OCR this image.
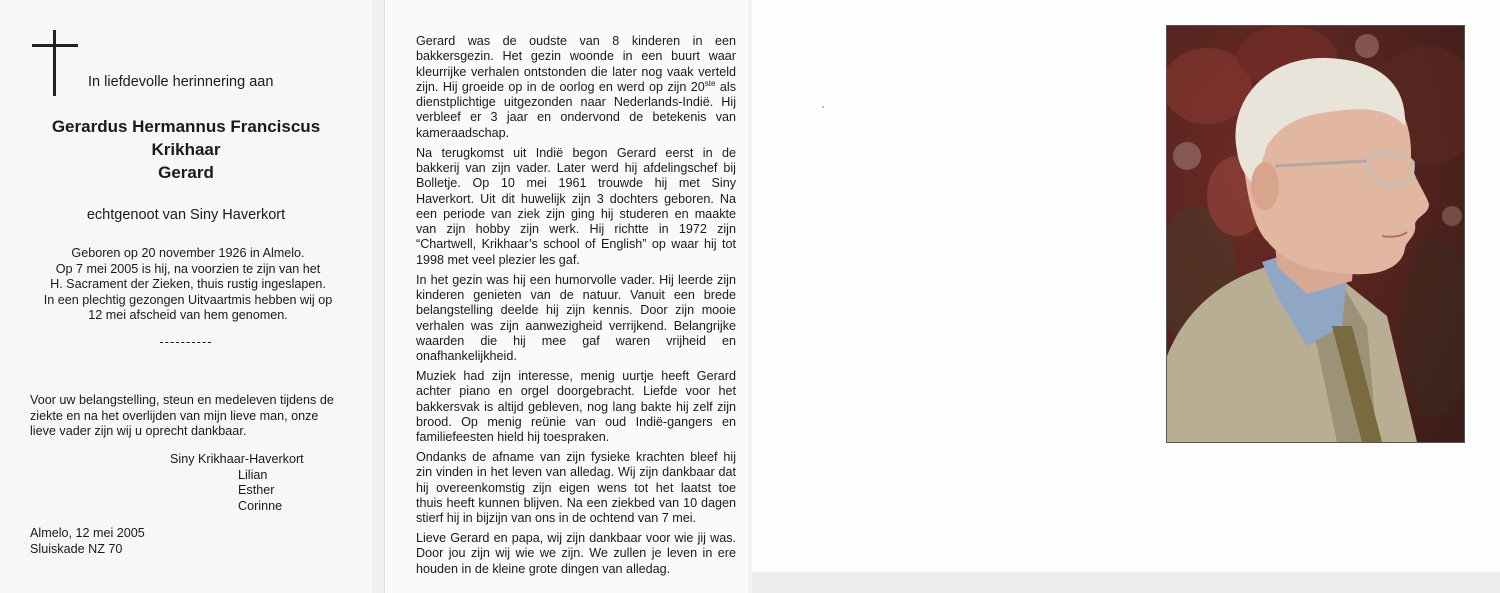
In liefdevolle herinnering aan
Gerardus Hermannus Franciscus
Krikhaar
Gerard
echtgenoot van Siny Haverkort
Geboren op 20 november 1926 in Almelo.
Op 7 mei 2005 is hij, na voorzien te zijn van het
H. Sacrament der Zieken, thuis rustig ingeslapen.
In een plechtig gezongen Uitvaartmis hebben wij op
12 mei afscheid van hem genomen.
----------
Voor uw belangstelling, steun en medeleven tijdens de
ziekte en na het overlijden van mijn lieve man, onze
lieve vader zijn wij u oprecht dankbaar.
Siny Krikhaar-Haverkort
Lilian
Esther
Corinne
Almelo, 12 mei 2005
Sluiskade NZ 70
Gerard was de oudste van 8 kinderen in een
bakkersgezin. Het gezin woonde in een buurt waar
kleurrijke verhalen ontstonden die later nog vaak verteld
zijn. Hij groeide op in de oorlog en werd op zijn 20ste als
dienstplichtige uitgezonden naar Nederlands-Indië. Hij
verbleef er 3 jaar en ondervond de betekenis van
kameraadschap.
Na terugkomst uit Indië begon Gerard eerst in de
bakkerij van zijn vader. Later werd hij afdelingschef bij
Bolletje. Op 10 mei 1961 trouwde hij met Siny
Haverkort. Uit dit huwelijk zijn 3 dochters geboren. Na
een periode van ziek zijn ging hij studeren en maakte
van zijn hobby zijn werk. Hij richtte in 1972 zijn
“Chartwell, Krikhaar’s school of English” op waar hij tot
1998 met veel plezier les gaf.
In het gezin was hij een humorvolle vader. Hij leerde zijn
kinderen genieten van de natuur. Vanuit een brede
belangstelling deelde hij zijn kennis. Door zijn mooie
verhalen was zijn aanwezigheid verrijkend. Belangrijke
waarden die hij mee gaf waren vrijheid en
onafhankelijkheid.
Muziek had zijn interesse, menig uurtje heeft Gerard
achter piano en orgel doorgebracht. Liefde voor het
bakkersvak is altijd gebleven, nog lang bakte hij zelf zijn
brood. Op menig reünie van oud Indië-gangers en
familiefeesten hield hij toespraken.
Ondanks de afname van zijn fysieke krachten bleef hij
zin vinden in het leven van alledag. Wij zijn dankbaar dat
hij overeenkomstig zijn eigen wens tot het laatst toe
thuis heeft kunnen blijven. Na een ziekbed van 10 dagen
stierf hij in bijzijn van ons in de ochtend van 7 mei.
Lieve Gerard en papa, wij zijn dankbaar voor wie jij was.
Door jou zijn wij wie we zijn. We zullen je leven in ere
houden in de kleine grote dingen van alledag.
